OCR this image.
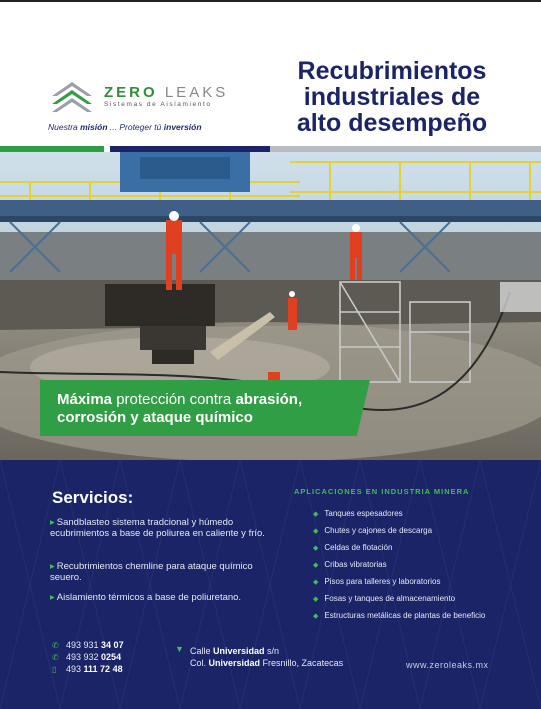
ZERO LEAKS
Sistemas de Aislamiento
Nuestra misión ... Proteger tú inversión
Recubrimientos
industriales de
alto desempeño
Máxima protección contra abrasión,
corrosión y ataque químico
Servicios:
▸ Sandblasteo sistema tradcional y húmedo ecubrimientos a base de poliurea en caliente y frío.
▸ Recubrimientos chemline para ataque químico seuero.
▸ Aislamiento térmicos a base de poliuretano.
APLICACIONES EN INDUSTRIA MINERA
◆ Tanques espesadores
◆ Chutes y cajones de descarga
◆ Celdas de flotación
◆ Cribas vibratorias
◆ Pisos para talleres y laboratorios
◆ Fosas y tanques de almacenamiento
◆ Estructuras metálicas de plantas de beneficio
✆ 493 931 34 07
✆ 493 932 0254
▯ 493 111 72 48
▼ Calle Universidad s/n
Col. Universidad Fresnillo, Zacatecas	www.zeroleaks.mx
